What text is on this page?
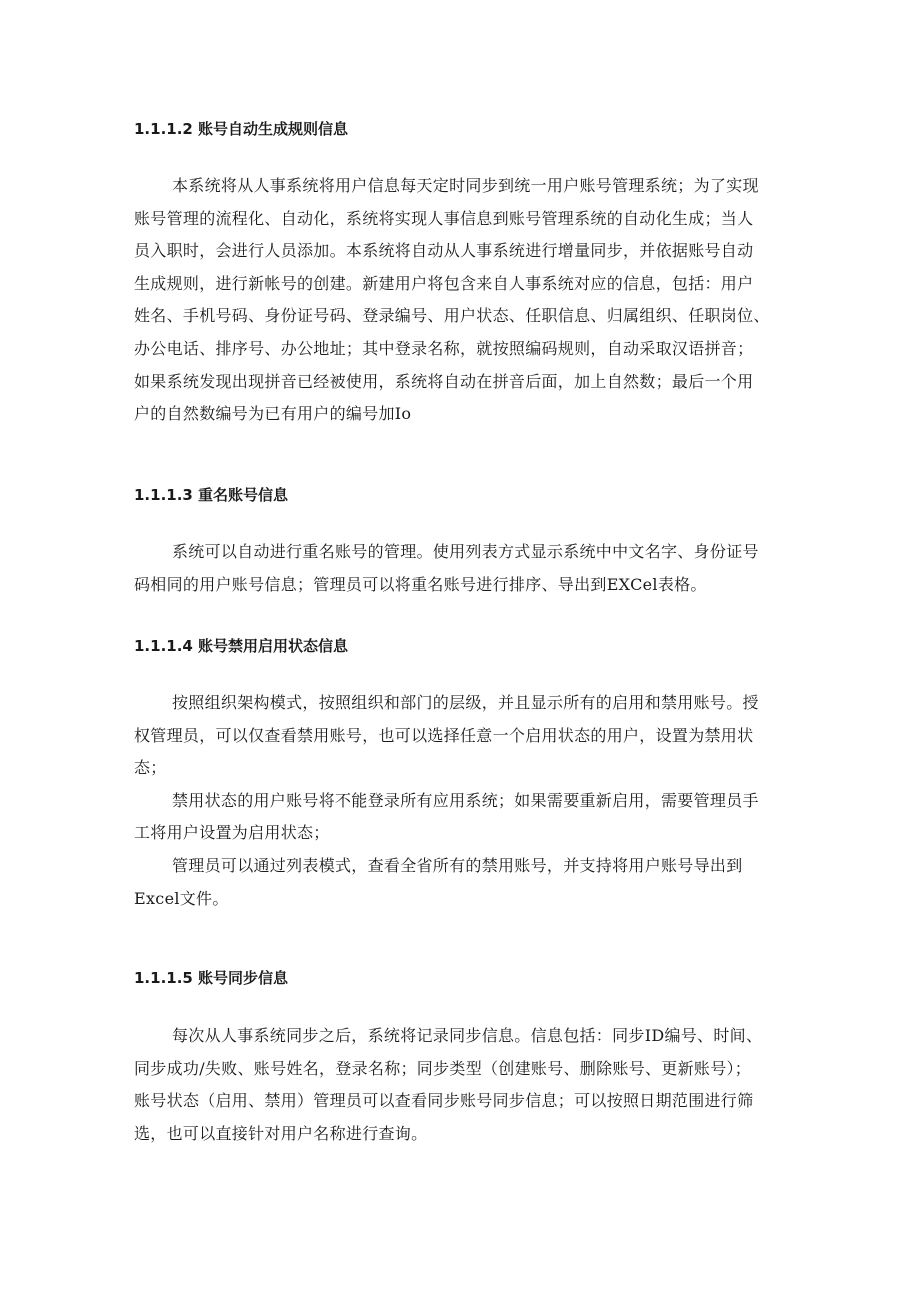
1.1.1.2 账号自动生成规则信息
本系统将从人事系统将用户信息每天定时同步到统一用户账号管理系统；为了实现
账号管理的流程化、自动化，系统将实现人事信息到账号管理系统的自动化生成；当人
员入职时，会进行人员添加。本系统将自动从人事系统进行增量同步，并依据账号自动
生成规则，进行新帐号的创建。新建用户将包含来自人事系统对应的信息，包括：用户
姓名、手机号码、身份证号码、登录编号、用户状态、任职信息、归属组织、任职岗位、
办公电话、排序号、办公地址；其中登录名称，就按照编码规则，自动采取汉语拼音；
如果系统发现出现拼音已经被使用，系统将自动在拼音后面，加上自然数；最后一个用
户的自然数编号为已有用户的编号加Io
1.1.1.3 重名账号信息
系统可以自动进行重名账号的管理。使用列表方式显示系统中中文名字、身份证号
码相同的用户账号信息；管理员可以将重名账号进行排序、导出到EXCel表格。
1.1.1.4 账号禁用启用状态信息
按照组织架构模式，按照组织和部门的层级，并且显示所有的启用和禁用账号。授
权管理员，可以仅查看禁用账号，也可以选择任意一个启用状态的用户，设置为禁用状
态；
禁用状态的用户账号将不能登录所有应用系统；如果需要重新启用，需要管理员手
工将用户设置为启用状态；
管理员可以通过列表模式，查看全省所有的禁用账号，并支持将用户账号导出到
Excel文件。
1.1.1.5 账号同步信息
每次从人事系统同步之后，系统将记录同步信息。信息包括：同步ID编号、时间、
同步成功/失败、账号姓名，登录名称；同步类型（创建账号、删除账号、更新账号）；
账号状态（启用、禁用）管理员可以查看同步账号同步信息；可以按照日期范围进行筛
选，也可以直接针对用户名称进行查询。
